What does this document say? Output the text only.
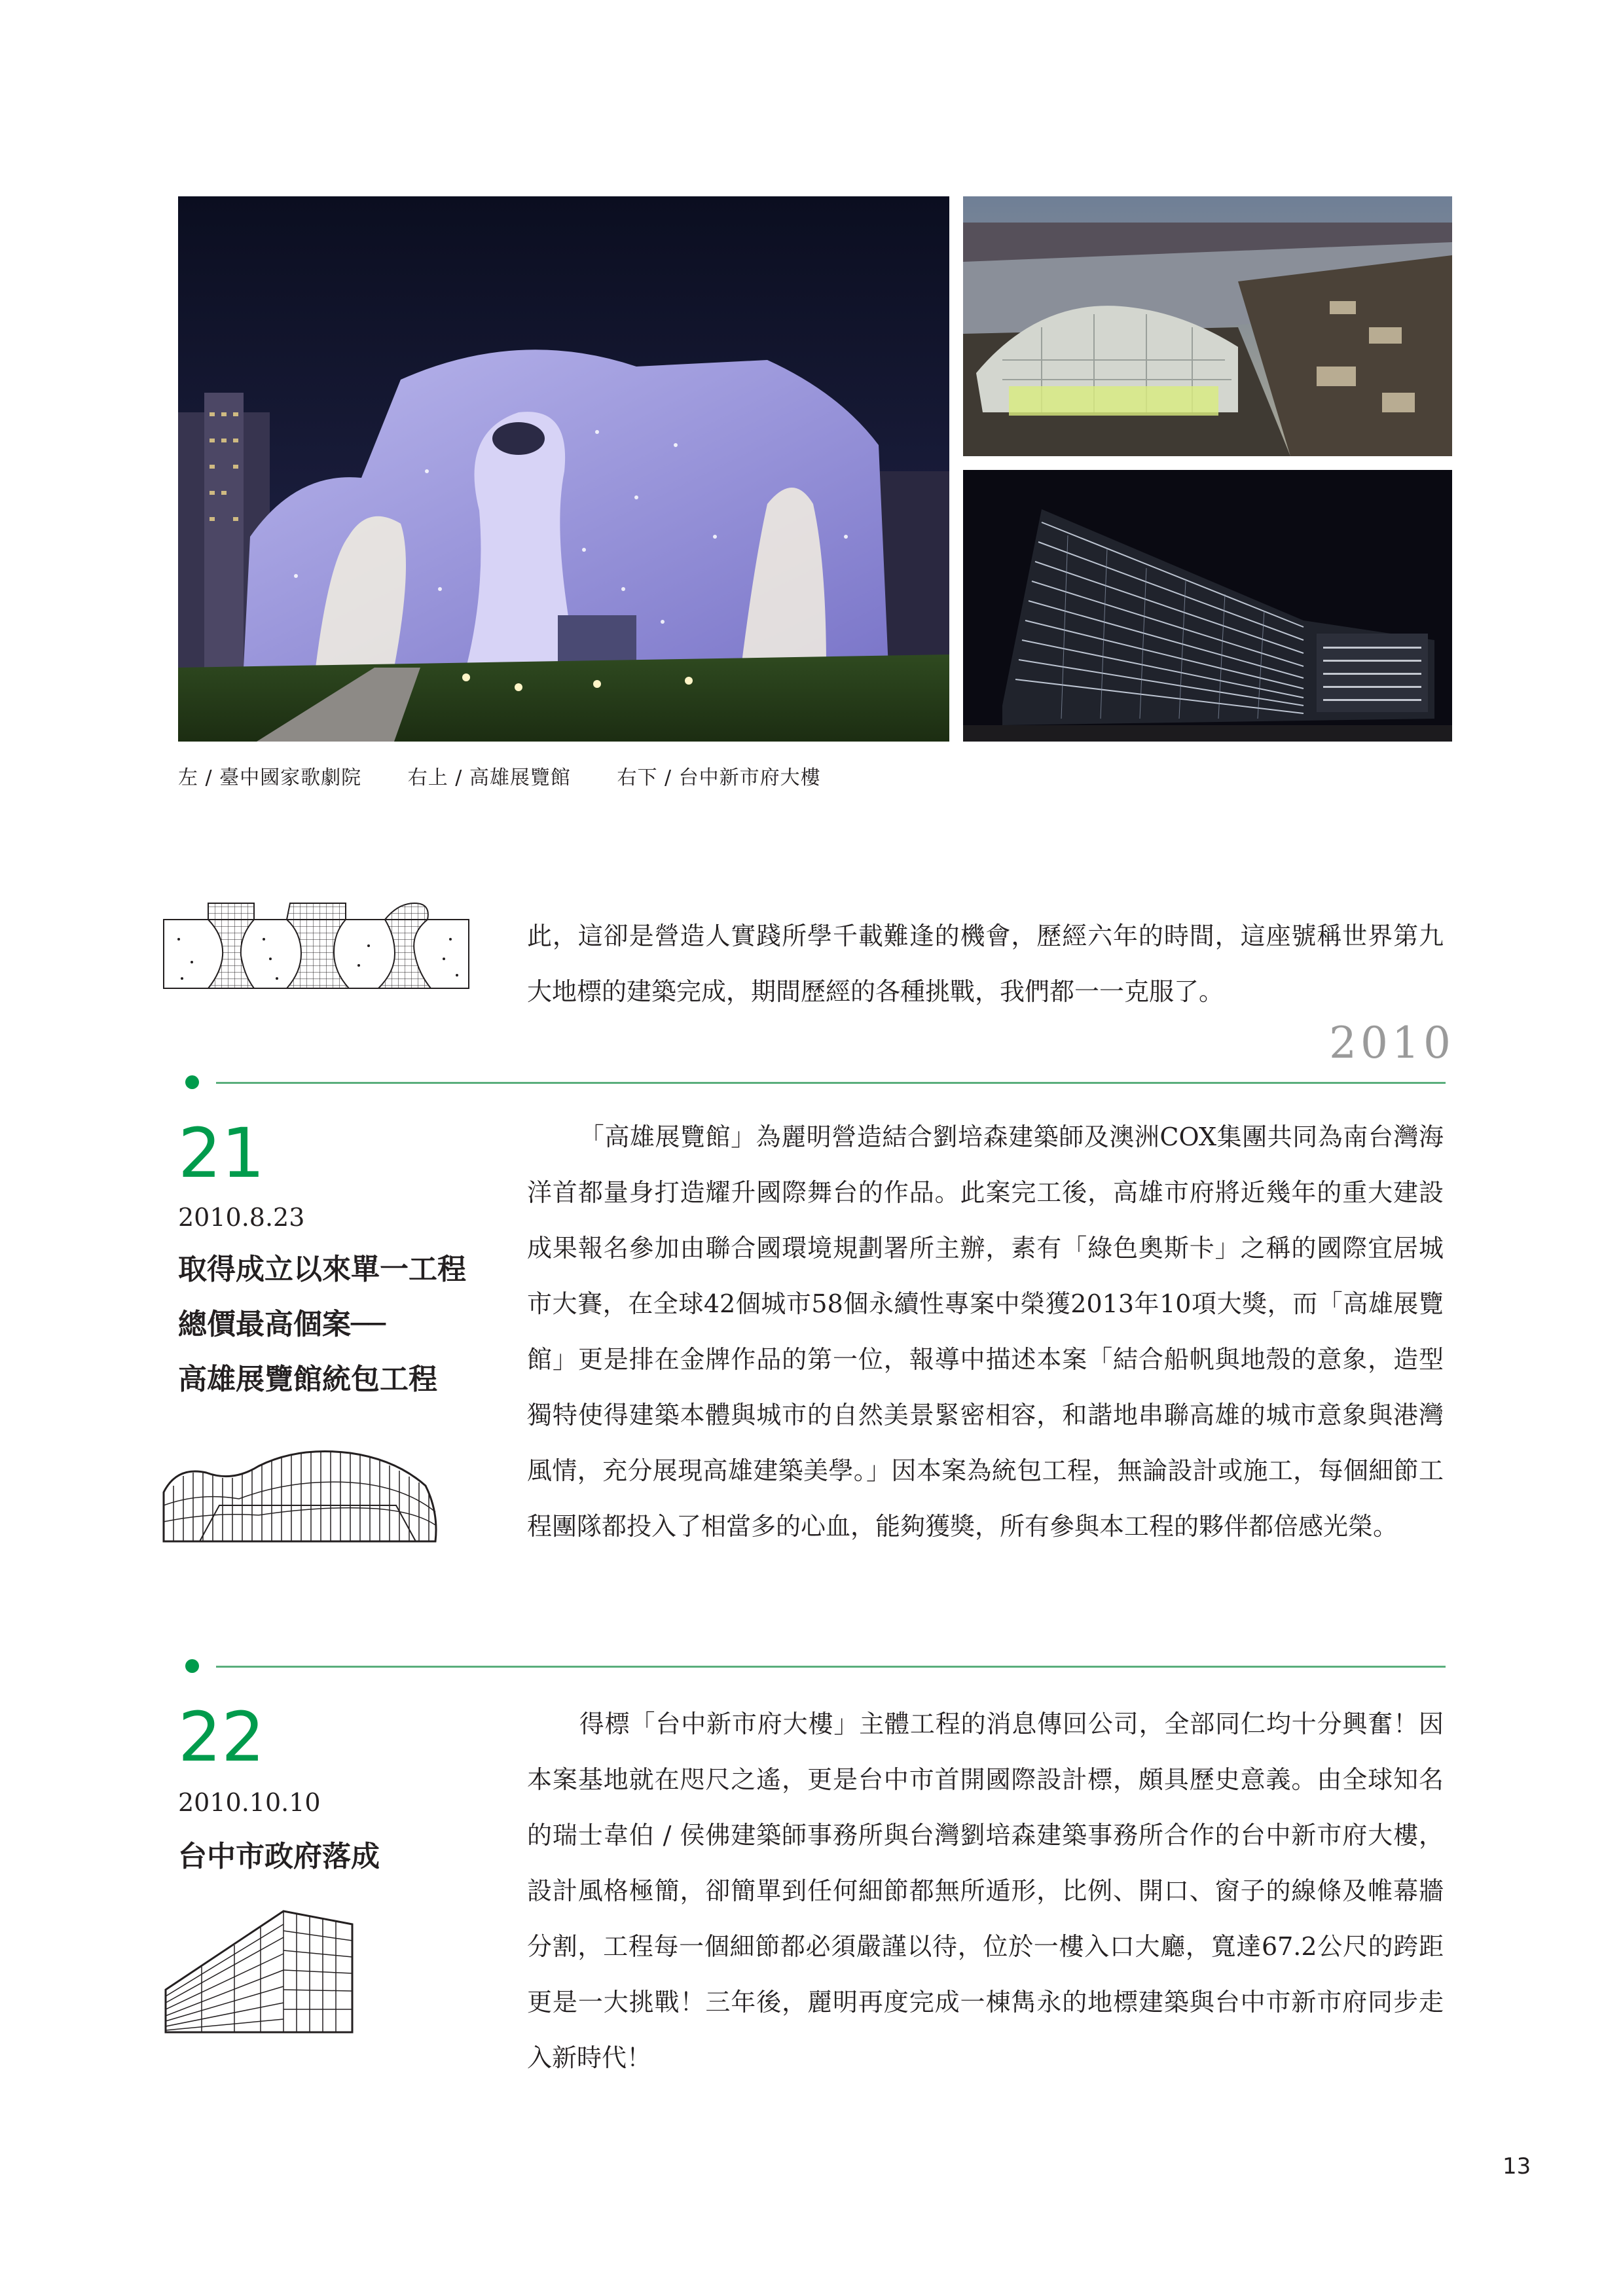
左 / 臺中國家歌劇院 右上 / 高雄展覽館 右下 / 台中新市府大樓

此，這卻是營造人實踐所學千載難逢的機會，歷經六年的時間，這座號稱世界第九大地標的建築完成，期間歷經的各種挑戰，我們都一一克服了。

2010
21
2010.8.23
取得成立以來單一工程
總價最高個案──
高雄展覽館統包工程

「高雄展覽館」為麗明營造結合劉培森建築師及澳洲COX集團共同為南台灣海洋首都量身打造耀升國際舞台的作品。此案完工後，高雄市府將近幾年的重大建設成果報名參加由聯合國環境規劃署所主辦，素有「綠色奧斯卡」之稱的國際宜居城市大賽，在全球42個城市58個永續性專案中榮獲2013年10項大獎，而「高雄展覽館」更是排在金牌作品的第一位，報導中描述本案「結合船帆與地殼的意象，造型獨特使得建築本體與城市的自然美景緊密相容，和諧地串聯高雄的城市意象與港灣風情，充分展現高雄建築美學。」因本案為統包工程，無論設計或施工，每個細節工程團隊都投入了相當多的心血，能夠獲獎，所有參與本工程的夥伴都倍感光榮。

22
2010.10.10
台中市政府落成

得標「台中新市府大樓」主體工程的消息傳回公司，全部同仁均十分興奮！因本案基地就在咫尺之遙，更是台中市首開國際設計標，頗具歷史意義。由全球知名的瑞士韋伯 / 侯佛建築師事務所與台灣劉培森建築事務所合作的台中新市府大樓，設計風格極簡，卻簡單到任何細節都無所遁形，比例、開口、窗子的線條及帷幕牆分割，工程每一個細節都必須嚴謹以待，位於一樓入口大廳，寬達67.2公尺的跨距更是一大挑戰！三年後，麗明再度完成一棟雋永的地標建築與台中市新市府同步走入新時代！

13
